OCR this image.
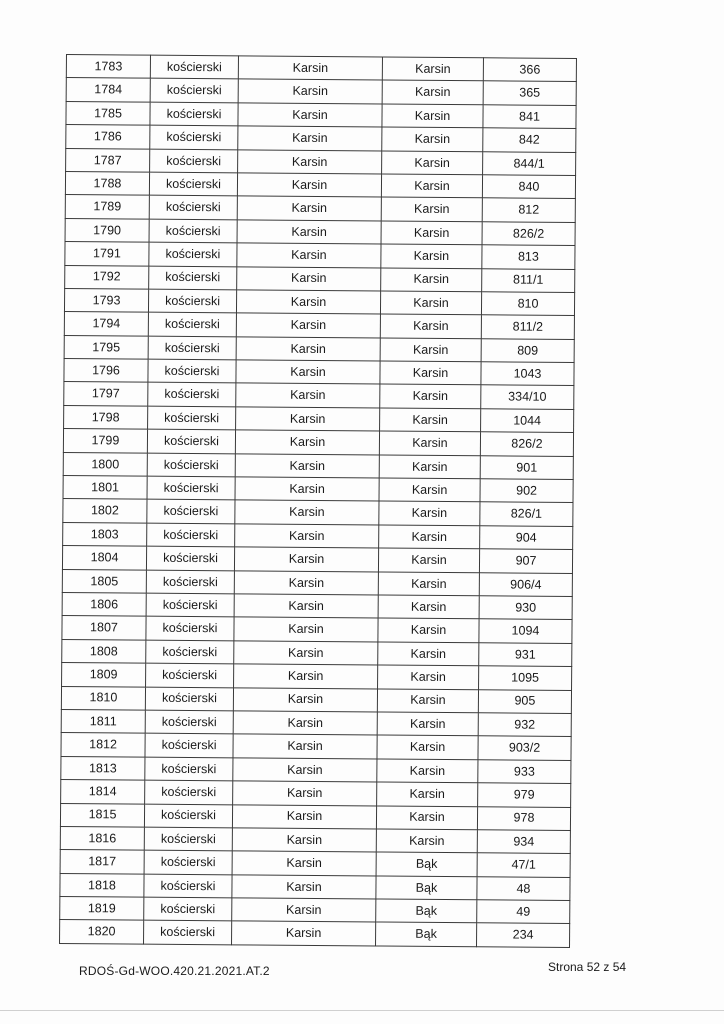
1783	kościerski	Karsin	Karsin	366
1784	kościerski	Karsin	Karsin	365
1785	kościerski	Karsin	Karsin	841
1786	kościerski	Karsin	Karsin	842
1787	kościerski	Karsin	Karsin	844/1
1788	kościerski	Karsin	Karsin	840
1789	kościerski	Karsin	Karsin	812
1790	kościerski	Karsin	Karsin	826/2
1791	kościerski	Karsin	Karsin	813
1792	kościerski	Karsin	Karsin	811/1
1793	kościerski	Karsin	Karsin	810
1794	kościerski	Karsin	Karsin	811/2
1795	kościerski	Karsin	Karsin	809
1796	kościerski	Karsin	Karsin	1043
1797	kościerski	Karsin	Karsin	334/10
1798	kościerski	Karsin	Karsin	1044
1799	kościerski	Karsin	Karsin	826/2
1800	kościerski	Karsin	Karsin	901
1801	kościerski	Karsin	Karsin	902
1802	kościerski	Karsin	Karsin	826/1
1803	kościerski	Karsin	Karsin	904
1804	kościerski	Karsin	Karsin	907
1805	kościerski	Karsin	Karsin	906/4
1806	kościerski	Karsin	Karsin	930
1807	kościerski	Karsin	Karsin	1094
1808	kościerski	Karsin	Karsin	931
1809	kościerski	Karsin	Karsin	1095
1810	kościerski	Karsin	Karsin	905
1811	kościerski	Karsin	Karsin	932
1812	kościerski	Karsin	Karsin	903/2
1813	kościerski	Karsin	Karsin	933
1814	kościerski	Karsin	Karsin	979
1815	kościerski	Karsin	Karsin	978
1816	kościerski	Karsin	Karsin	934
1817	kościerski	Karsin	Bąk	47/1
1818	kościerski	Karsin	Bąk	48
1819	kościerski	Karsin	Bąk	49
1820	kościerski	Karsin	Bąk	234
RDOŚ-Gd-WOO.420.21.2021.AT.2	Strona 52 z 54
